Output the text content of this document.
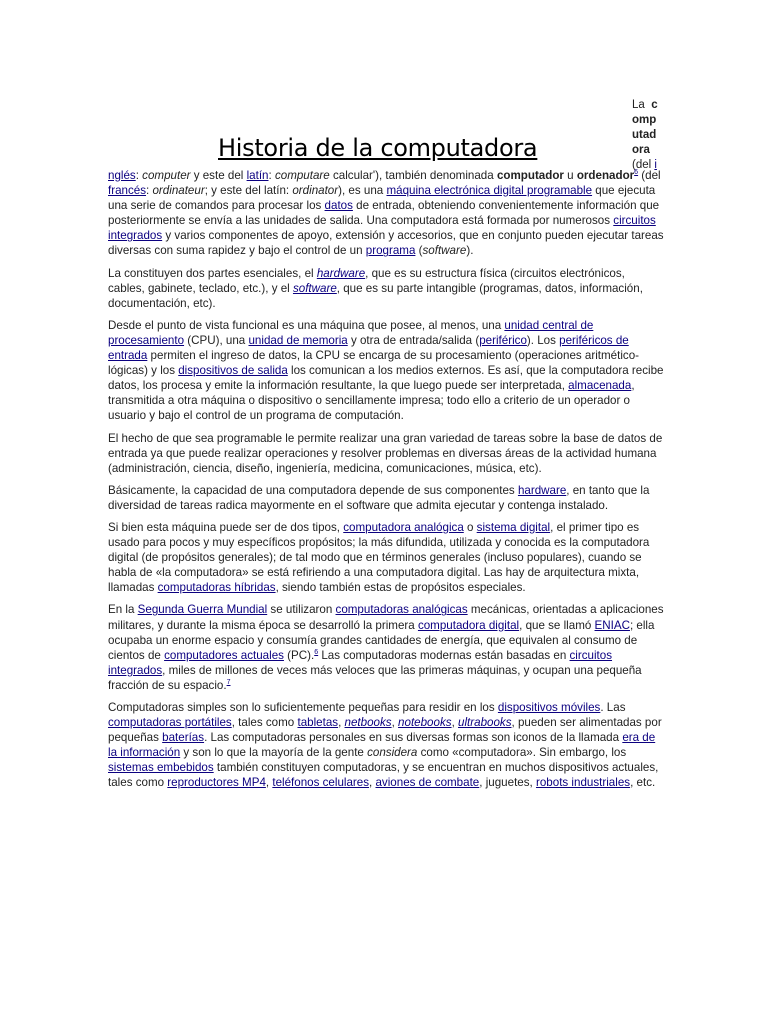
Historia de la computadora
La c

omp
utad
ora
(del i

nglés: computer y este del latín: computare calcular'), también denominada computador u ordenador$^6$ (del francés: ordinateur; y este del latín: ordinator), es una máquina electrónica digital programable que ejecuta una serie de comandos para procesar los datos de entrada, obteniendo convenientemente información que posteriormente se envía a las unidades de salida. Una computadora está formada por numerosos circuitos integrados y varios componentes de apoyo, extensión y accesorios, que en conjunto pueden ejecutar tareas diversas con suma rapidez y bajo el control de un programa (software).

La constituyen dos partes esenciales, el hardware, que es su estructura física (circuitos electrónicos, cables, gabinete, teclado, etc.), y el software, que es su parte intangible (programas, datos, información, documentación, etc).

Desde el punto de vista funcional es una máquina que posee, al menos, una unidad central de procesamiento (CPU), una unidad de memoria y otra de entrada/salida (periférico). Los periféricos de entrada permiten el ingreso de datos, la CPU se encarga de su procesamiento (operaciones aritmético-lógicas) y los dispositivos de salida los comunican a los medios externos. Es así, que la computadora recibe datos, los procesa y emite la información resultante, la que luego puede ser interpretada, almacenada, transmitida a otra máquina o dispositivo o sencillamente impresa; todo ello a criterio de un operador o usuario y bajo el control de un programa de computación.

El hecho de que sea programable le permite realizar una gran variedad de tareas sobre la base de datos de entrada ya que puede realizar operaciones y resolver problemas en diversas áreas de la actividad humana (administración, ciencia, diseño, ingeniería, medicina, comunicaciones, música, etc).

Básicamente, la capacidad de una computadora depende de sus componentes hardware, en tanto que la diversidad de tareas radica mayormente en el software que admita ejecutar y contenga instalado.

Si bien esta máquina puede ser de dos tipos, computadora analógica o sistema digital, el primer tipo es usado para pocos y muy específicos propósitos; la más difundida, utilizada y conocida es la computadora digital (de propósitos generales); de tal modo que en términos generales (incluso populares), cuando se habla de «la computadora» se está refiriendo a una computadora digital. Las hay de arquitectura mixta, llamadas computadoras híbridas, siendo también estas de propósitos especiales.

En la Segunda Guerra Mundial se utilizaron computadoras analógicas mecánicas, orientadas a aplicaciones militares, y durante la misma época se desarrolló la primera computadora digital, que se llamó ENIAC; ella ocupaba un enorme espacio y consumía grandes cantidades de energía, que equivalen al consumo de cientos de computadores actuales (PC).$^6$ Las computadoras modernas están basadas en circuitos integrados, miles de millones de veces más veloces que las primeras máquinas, y ocupan una pequeña fracción de su espacio.$^7$

Computadoras simples son lo suficientemente pequeñas para residir en los dispositivos móviles. Las computadoras portátiles, tales como tabletas, netbooks, notebooks, ultrabooks, pueden ser alimentadas por pequeñas baterías. Las computadoras personales en sus diversas formas son iconos de la llamada era de la información y son lo que la mayoría de la gente considera como «computadora». Sin embargo, los sistemas embebidos también constituyen computadoras, y se encuentran en muchos dispositivos actuales, tales como reproductores MP4, teléfonos celulares, aviones de combate, juguetes, robots industriales, etc.
